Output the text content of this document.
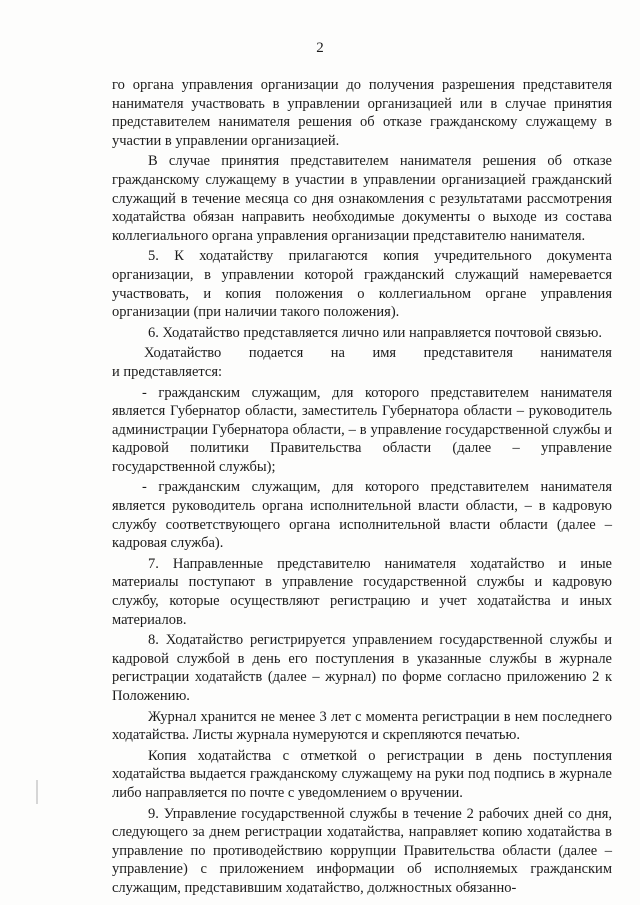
2

го органа управления организации до получения разрешения представителя нанимателя участвовать в управлении организацией или в случае принятия представителем нанимателя решения об отказе гражданскому служащему в участии в управлении организацией.

В случае принятия представителем нанимателя решения об отказе гражданскому служащему в участии в управлении организацией гражданский служащий в течение месяца со дня ознакомления с результатами рассмотрения ходатайства обязан направить необходимые документы о выходе из состава коллегиального органа управления организации представителю нанимателя.

5. К ходатайству прилагаются копия учредительного документа организации, в управлении которой гражданский служащий намеревается участвовать, и копия положения о коллегиальном органе управления организации (при наличии такого положения).

6. Ходатайство представляется лично или направляется почтовой связью.

Ходатайство подается на имя представителя нанимателя
и представляется:

- гражданским служащим, для которого представителем нанимателя является Губернатор области, заместитель Губернатора области – руководитель администрации Губернатора области, – в управление государственной службы и кадровой политики Правительства области (далее – управление государственной службы);

- гражданским служащим, для которого представителем нанимателя является руководитель органа исполнительной власти области, – в кадровую службу соответствующего органа исполнительной власти области (далее – кадровая служба).

7. Направленные представителю нанимателя ходатайство и иные материалы поступают в управление государственной службы и кадровую службу, которые осуществляют регистрацию и учет ходатайства и иных материалов.

8. Ходатайство регистрируется управлением государственной службы и кадровой службой в день его поступления в указанные службы в журнале регистрации ходатайств (далее – журнал) по форме согласно приложению 2 к Положению.

Журнал хранится не менее 3 лет с момента регистрации в нем последнего ходатайства. Листы журнала нумеруются и скрепляются печатью.

Копия ходатайства с отметкой о регистрации в день поступления ходатайства выдается гражданскому служащему на руки под подпись в журнале либо направляется по почте с уведомлением о вручении.

9. Управление государственной службы в течение 2 рабочих дней со дня, следующего за днем регистрации ходатайства, направляет копию ходатайства в управление по противодействию коррупции Правительства области (далее – управление) с приложением информации об исполняемых гражданским служащим, представившим ходатайство, должностных обязанно-
